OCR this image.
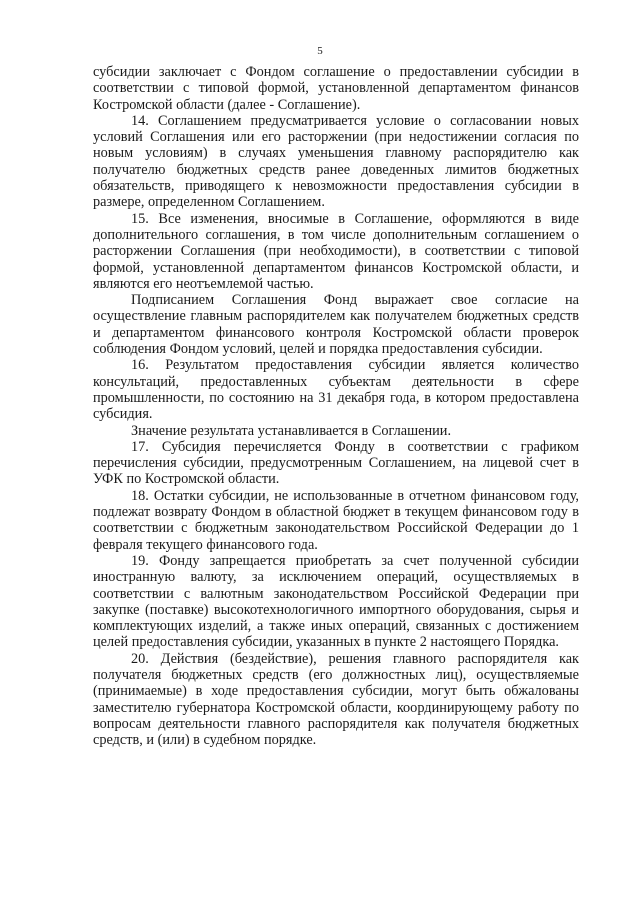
5

субсидии заключает с Фондом соглашение о предоставлении субсидии в соответствии с типовой формой, установленной департаментом финансов Костромской области (далее - Соглашение).

14. Соглашением предусматривается условие о согласовании новых условий Соглашения или его расторжении (при недостижении согласия по новым условиям) в случаях уменьшения главному распорядителю как получателю бюджетных средств ранее доведенных лимитов бюджетных обязательств, приводящего к невозможности предоставления субсидии в размере, определенном Соглашением.

15. Все изменения, вносимые в Соглашение, оформляются в виде дополнительного соглашения, в том числе дополнительным соглашением о расторжении Соглашения (при необходимости), в соответствии с типовой формой, установленной департаментом финансов Костромской области, и являются его неотъемлемой частью.

Подписанием Соглашения Фонд выражает свое согласие на осуществление главным распорядителем как получателем бюджетных средств и департаментом финансового контроля Костромской области проверок соблюдения Фондом условий, целей и порядка предоставления субсидии.

16. Результатом предоставления субсидии является количество консультаций, предоставленных субъектам деятельности в сфере промышленности, по состоянию на 31 декабря года, в котором предоставлена субсидия.

Значение результата устанавливается в Соглашении.

17. Субсидия перечисляется Фонду в соответствии с графиком перечисления субсидии, предусмотренным Соглашением, на лицевой счет в УФК по Костромской области.

18. Остатки субсидии, не использованные в отчетном финансовом году, подлежат возврату Фондом в областной бюджет в текущем финансовом году в соответствии с бюджетным законодательством Российской Федерации до 1 февраля текущего финансового года.

19. Фонду запрещается приобретать за счет полученной субсидии иностранную валюту, за исключением операций, осуществляемых в соответствии с валютным законодательством Российской Федерации при закупке (поставке) высокотехнологичного импортного оборудования, сырья и комплектующих изделий, а также иных операций, связанных с достижением целей предоставления субсидии, указанных в пункте 2 настоящего Порядка.

20. Действия (бездействие), решения главного распорядителя как получателя бюджетных средств (его должностных лиц), осуществляемые (принимаемые) в ходе предоставления субсидии, могут быть обжалованы заместителю губернатора Костромской области, координирующему работу по вопросам деятельности главного распорядителя как получателя бюджетных средств, и (или) в судебном порядке.
